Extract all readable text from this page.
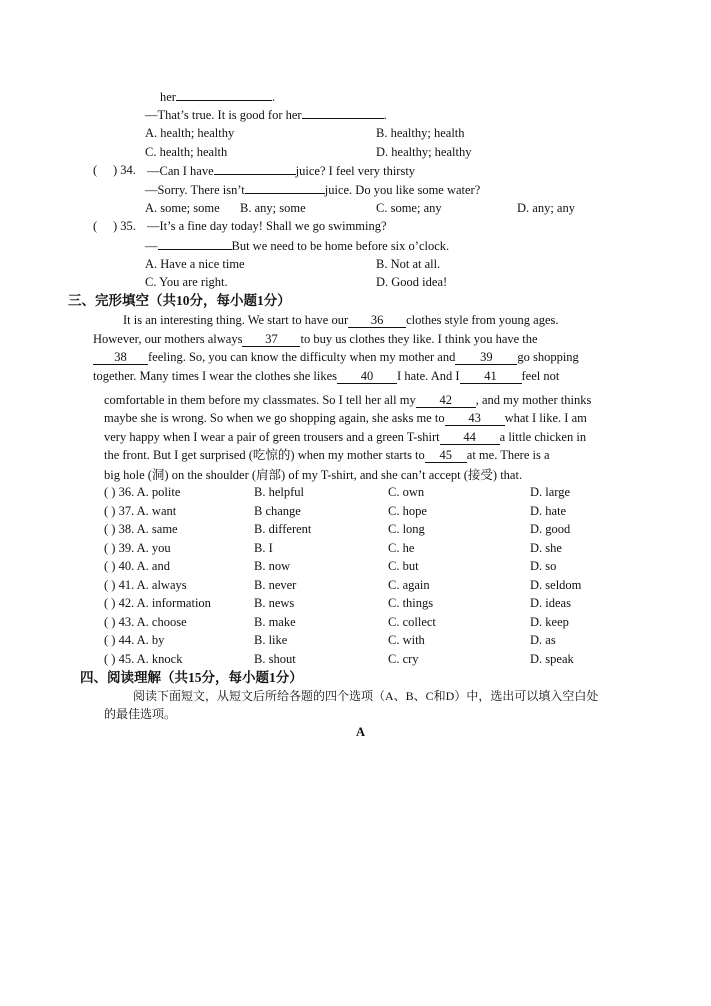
her	.
—That’s true. It is good for her	.
A. health; healthy	B. healthy; health
C. health; health	D. healthy; healthy
( ) 34. —Can I have	juice? I feel very thirsty
—Sorry. There isn’t	juice. Do you like some water?
A. some; some B. any; some	C. some; any	D. any; any
( ) 35. —It’s a fine day today! Shall we go swimming?
—	But we need to be home before six o’clock.
A. Have a nice time	B. Not at all.
C. You are right.	D. Good idea!
三、完形填空（共10分，每小题1分）
It is an interesting thing. We start to have our 36 clothes style from young ages.
However, our mothers always 37 to buy us clothes they like. I think you have the
38 feeling. So, you can know the difficulty when my mother and 39 go shopping
together. Many times I wear the clothes she likes 40 I hate. And I 41 feel not
comfortable in them before my classmates. So I tell her all my 42 , and my mother thinks
maybe she is wrong. So when we go shopping again, she asks me to 43 what I like. I am
very happy when I wear a pair of green trousers and a green T-shirt 44 a little chicken in
the front. But I get surprised (吃惊的) when my mother starts to 45 at me. There is a
big hole (洞) on the shoulder (肩部) of my T-shirt, and she can’t accept (接受) that.
( ) 36. A. polite	B. helpful	C. own	D. large
( ) 37. A. want	B change	C. hope	D. hate
( ) 38. A. same	B. different	C. long	D. good
( ) 39. A. you	B. I	C. he	D. she
( ) 40. A. and	B. now	C. but	D. so
( ) 41. A. always	B. never	C. again	D. seldom
( ) 42. A. information	B. news	C. things	D. ideas
( ) 43. A. choose	B. make	C. collect	D. keep
( ) 44. A. by	B. like	C. with	D. as
( ) 45. A. knock	B. shout	C. cry	D. speak
四、阅读理解（共15分，每小题1分）
阅读下面短文，从短文后所给各题的四个选项（A、B、C和D）中，选出可以填入空白处
的最佳选项。
A
